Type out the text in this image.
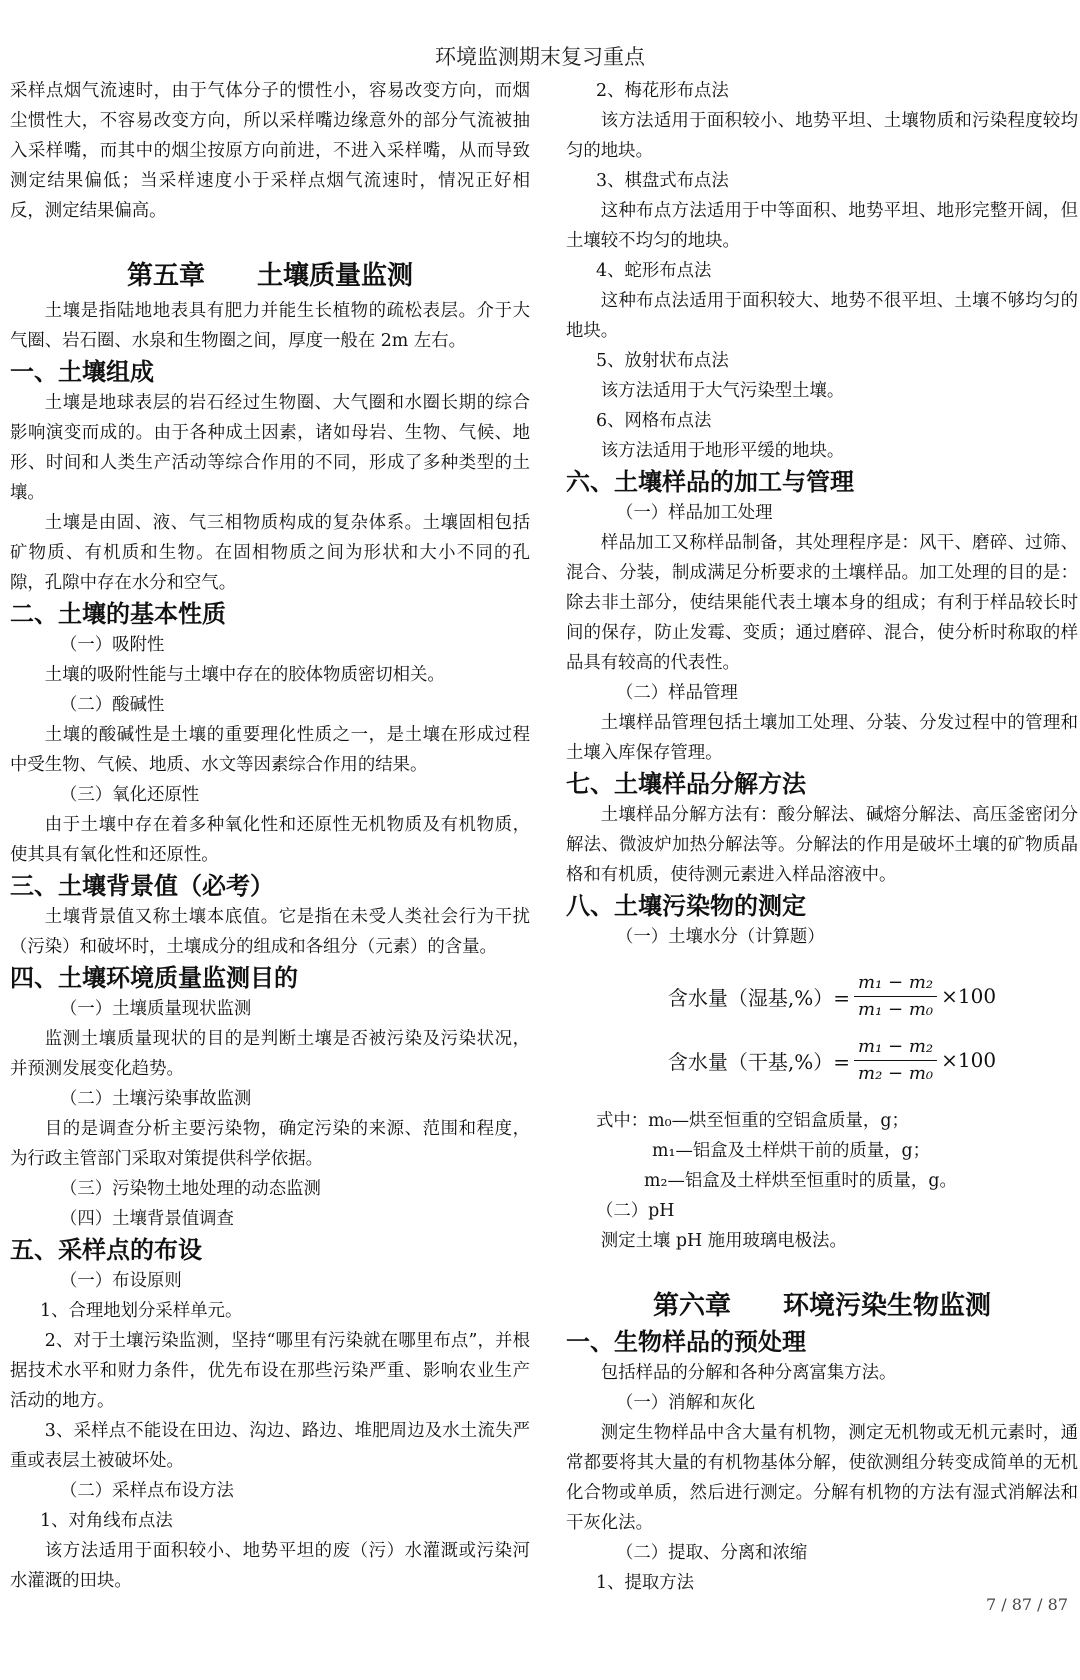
环境监测期末复习重点

采样点烟气流速时，由于气体分子的惯性小，容易改变方向，而烟尘惯性大，不容易改变方向，所以采样嘴边缘意外的部分气流被抽入采样嘴，而其中的烟尘按原方向前进，不进入采样嘴，从而导致测定结果偏低；当采样速度小于采样点烟气流速时，情况正好相反，测定结果偏高。

第五章　　土壤质量监测

土壤是指陆地地表具有肥力并能生长植物的疏松表层。介于大气圈、岩石圈、水泉和生物圈之间，厚度一般在 2m 左右。

一、土壤组成

土壤是地球表层的岩石经过生物圈、大气圈和水圈长期的综合影响演变而成的。由于各种成土因素，诸如母岩、生物、气候、地形、时间和人类生产活动等综合作用的不同，形成了多种类型的土壤。

土壤是由固、液、气三相物质构成的复杂体系。土壤固相包括矿物质、有机质和生物。在固相物质之间为形状和大小不同的孔隙，孔隙中存在水分和空气。

二、土壤的基本性质

（一）吸附性

土壤的吸附性能与土壤中存在的胶体物质密切相关。

（二）酸碱性

土壤的酸碱性是土壤的重要理化性质之一，是土壤在形成过程中受生物、气候、地质、水文等因素综合作用的结果。

（三）氧化还原性

由于土壤中存在着多种氧化性和还原性无机物质及有机物质，使其具有氧化性和还原性。

三、土壤背景值（必考）

土壤背景值又称土壤本底值。它是指在未受人类社会行为干扰（污染）和破坏时，土壤成分的组成和各组分（元素）的含量。

四、土壤环境质量监测目的

（一）土壤质量现状监测

监测土壤质量现状的目的是判断土壤是否被污染及污染状况，并预测发展变化趋势。

（二）土壤污染事故监测

目的是调查分析主要污染物，确定污染的来源、范围和程度，为行政主管部门采取对策提供科学依据。

（三）污染物土地处理的动态监测

（四）土壤背景值调查

五、采样点的布设

（一）布设原则

1、合理地划分采样单元。

2、对于土壤污染监测，坚持“哪里有污染就在哪里布点”，并根据技术水平和财力条件，优先布设在那些污染严重、影响农业生产活动的地方。

3、采样点不能设在田边、沟边、路边、堆肥周边及水土流失严重或表层土被破坏处。

（二）采样点布设方法

1、对角线布点法

该方法适用于面积较小、地势平坦的废（污）水灌溉或污染河水灌溉的田块。

2、梅花形布点法

该方法适用于面积较小、地势平坦、土壤物质和污染程度较均匀的地块。

3、棋盘式布点法

这种布点方法适用于中等面积、地势平坦、地形完整开阔，但土壤较不均匀的地块。

4、蛇形布点法

这种布点法适用于面积较大、地势不很平坦、土壤不够均匀的地块。

5、放射状布点法

该方法适用于大气污染型土壤。

6、网格布点法

该方法适用于地形平缓的地块。

六、土壤样品的加工与管理

（一）样品加工处理

样品加工又称样品制备，其处理程序是：风干、磨碎、过筛、混合、分装，制成满足分析要求的土壤样品。加工处理的目的是：除去非土部分，使结果能代表土壤本身的组成；有利于样品较长时间的保存，防止发霉、变质；通过磨碎、混合，使分析时称取的样品具有较高的代表性。

（二）样品管理

土壤样品管理包括土壤加工处理、分装、分发过程中的管理和土壤入库保存管理。

七、土壤样品分解方法

土壤样品分解方法有：酸分解法、碱熔分解法、高压釜密闭分解法、微波炉加热分解法等。分解法的作用是破坏土壤的矿物质晶格和有机质，使待测元素进入样品溶液中。

八、土壤污染物的测定

（一）土壤水分（计算题）

含水量（湿基,%）= $\frac{\text{m₁ − m₂}}{\text{m₁ − m₀}} \times 100$
含水量（干基,%）= $\frac{\text{m₁ − m₂}}{\text{m₂ − m₀}} \times 100$

式中：m₀—烘至恒重的空铝盒质量，g；

m₁—铝盒及土样烘干前的质量，g；

m₂—铝盒及土样烘至恒重时的质量，g。

（二）pH

测定土壤 pH 施用玻璃电极法。

第六章　　环境污染生物监测

一、生物样品的预处理

包括样品的分解和各种分离富集方法。

（一）消解和灰化

测定生物样品中含大量有机物，测定无机物或无机元素时，通常都要将其大量的有机物基体分解，使欲测组分转变成简单的无机化合物或单质，然后进行测定。分解有机物的方法有湿式消解法和干灰化法。

（二）提取、分离和浓缩

1、提取方法

7 / 87 / 87
